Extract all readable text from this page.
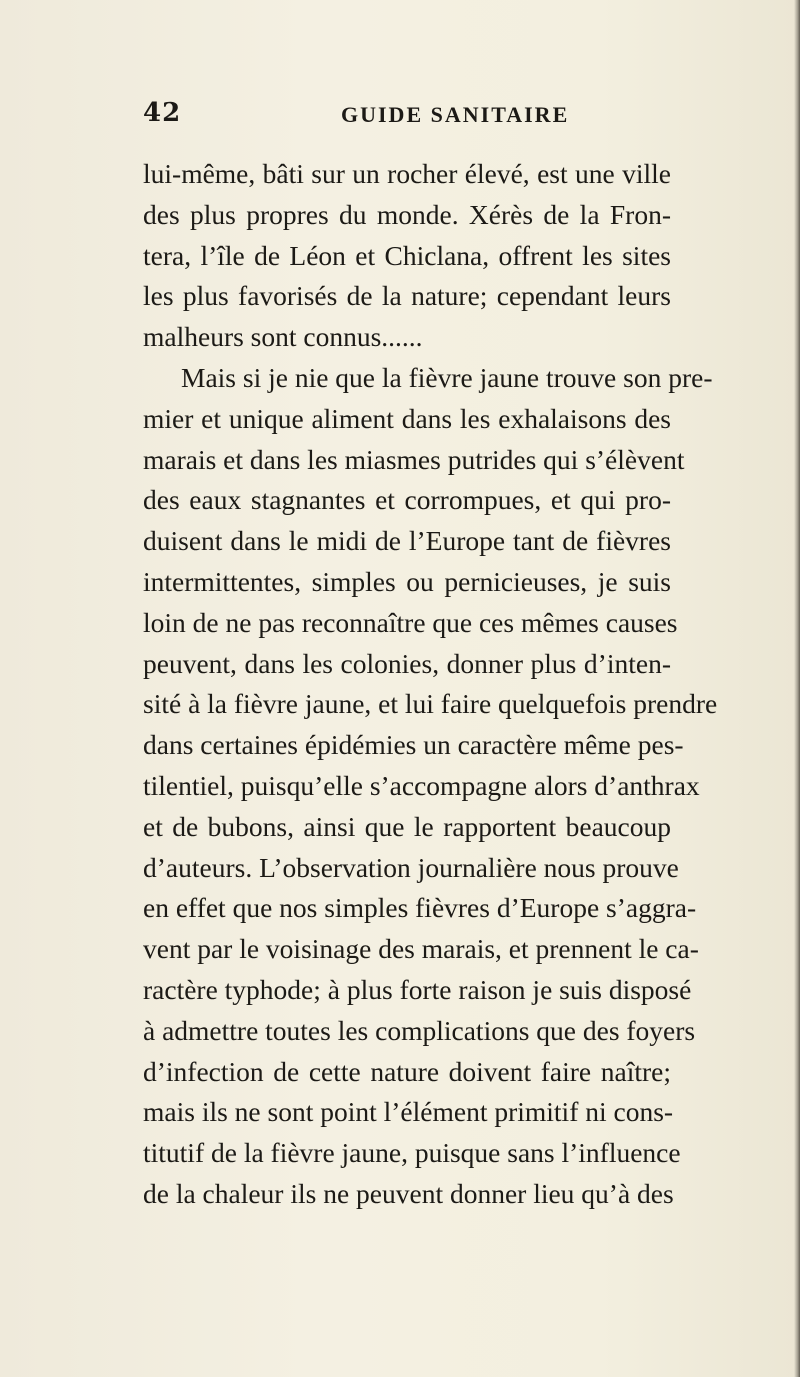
42	GUIDE SANITAIRE
lui-même, bâti sur un rocher élevé, est une ville
des plus propres du monde. Xérès de la Fron-
tera, l’île de Léon et Chiclana, offrent les sites
les plus favorisés de la nature; cependant leurs
malheurs sont connus......
Mais si je nie que la fièvre jaune trouve son pre-
mier et unique aliment dans les exhalaisons des
marais et dans les miasmes putrides qui s’élèvent
des eaux stagnantes et corrompues, et qui pro-
duisent dans le midi de l’Europe tant de fièvres
intermittentes, simples ou pernicieuses, je suis
loin de ne pas reconnaître que ces mêmes causes
peuvent, dans les colonies, donner plus d’inten-
sité à la fièvre jaune, et lui faire quelquefois prendre
dans certaines épidémies un caractère même pes-
tilentiel, puisqu’elle s’accompagne alors d’anthrax
et de bubons, ainsi que le rapportent beaucoup
d’auteurs. L’observation journalière nous prouve
en effet que nos simples fièvres d’Europe s’aggra-
vent par le voisinage des marais, et prennent le ca-
ractère typhode; à plus forte raison je suis disposé
à admettre toutes les complications que des foyers
d’infection de cette nature doivent faire naître;
mais ils ne sont point l’élément primitif ni cons-
titutif de la fièvre jaune, puisque sans l’influence
de la chaleur ils ne peuvent donner lieu qu’à des
